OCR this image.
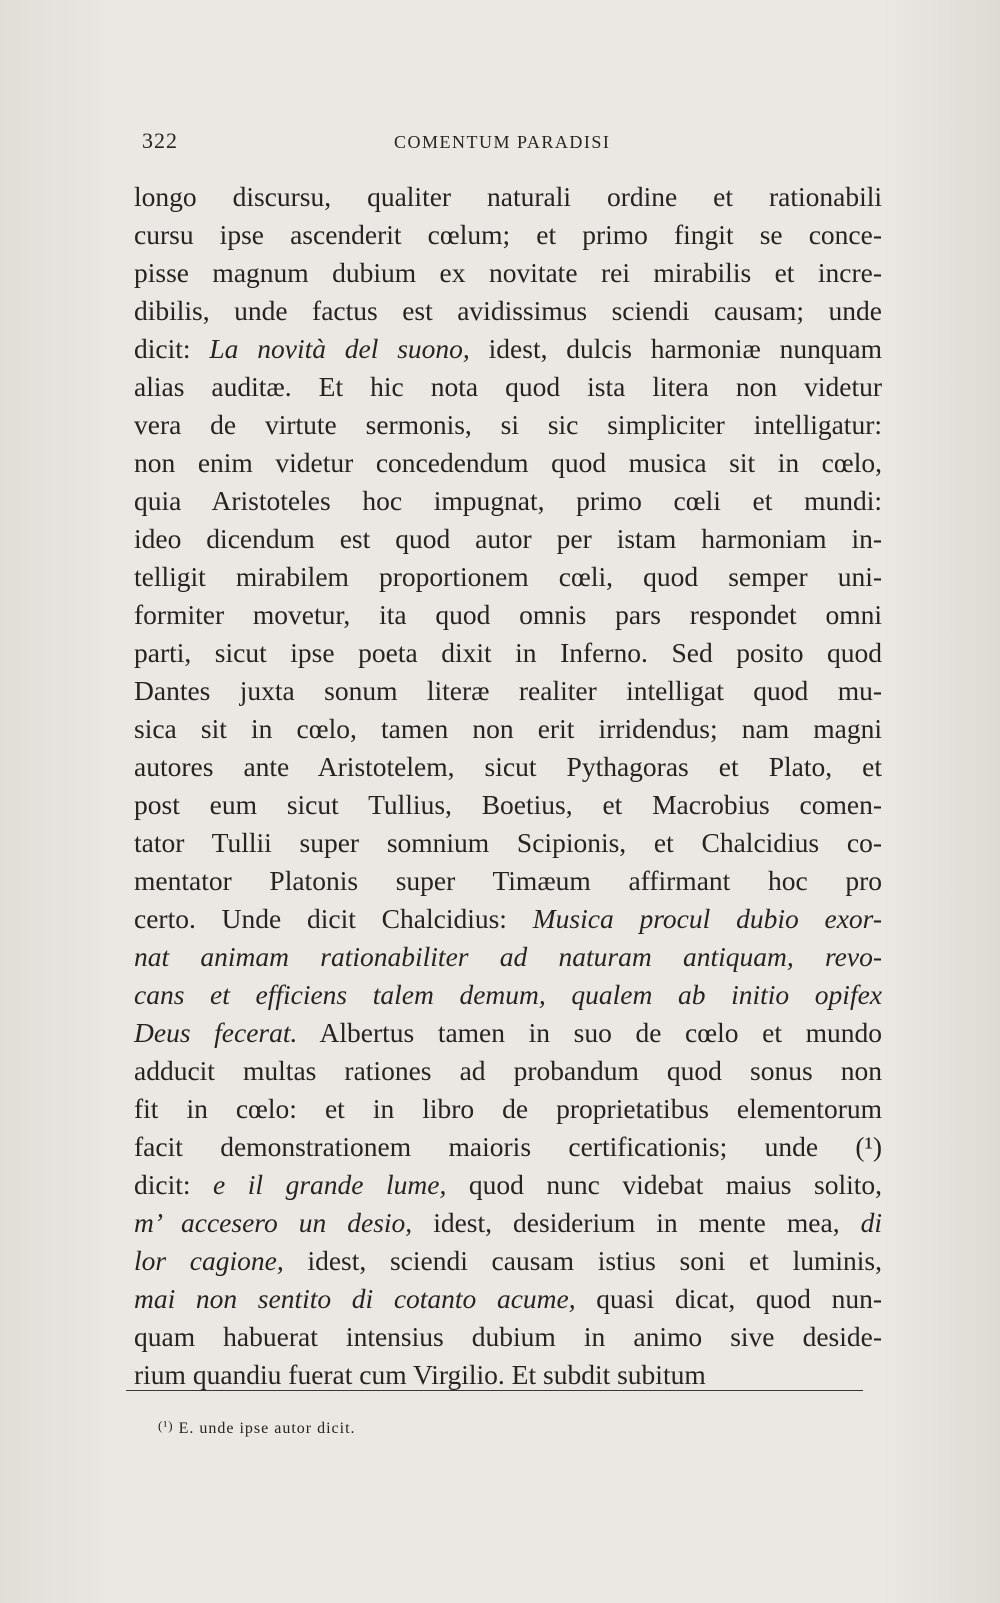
322	COMENTUM PARADISI
longo discursu, qualiter naturali ordine et rationabili
cursu ipse ascenderit cœlum; et primo fingit se conce-
pisse magnum dubium ex novitate rei mirabilis et incre-
dibilis, unde factus est avidissimus sciendi causam; unde
dicit: La novità del suono, idest, dulcis harmoniæ nunquam
alias auditæ. Et hic nota quod ista litera non videtur
vera de virtute sermonis, si sic simpliciter intelligatur:
non enim videtur concedendum quod musica sit in cœlo,
quia Aristoteles hoc impugnat, primo cœli et mundi:
ideo dicendum est quod autor per istam harmoniam in-
telligit mirabilem proportionem cœli, quod semper uni-
formiter movetur, ita quod omnis pars respondet omni
parti, sicut ipse poeta dixit in Inferno. Sed posito quod
Dantes juxta sonum literæ realiter intelligat quod mu-
sica sit in cœlo, tamen non erit irridendus; nam magni
autores ante Aristotelem, sicut Pythagoras et Plato, et
post eum sicut Tullius, Boetius, et Macrobius comen-
tator Tullii super somnium Scipionis, et Chalcidius co-
mentator Platonis super Timæum affirmant hoc pro
certo. Unde dicit Chalcidius: Musica procul dubio exor-
nat animam rationabiliter ad naturam antiquam, revo-
cans et efficiens talem demum, qualem ab initio opifex
Deus fecerat. Albertus tamen in suo de cœlo et mundo
adducit multas rationes ad probandum quod sonus non
fit in cœlo: et in libro de proprietatibus elementorum
facit demonstrationem maioris certificationis; unde (¹)
dicit: e il grande lume, quod nunc videbat maius solito,
m’ accesero un desio, idest, desiderium in mente mea, di
lor cagione, idest, sciendi causam istius soni et luminis,
mai non sentito di cotanto acume, quasi dicat, quod nun-
quam habuerat intensius dubium in animo sive deside-
rium quandiu fuerat cum Virgilio. Et subdit subitum
(¹) E. unde ipse autor dicit.
